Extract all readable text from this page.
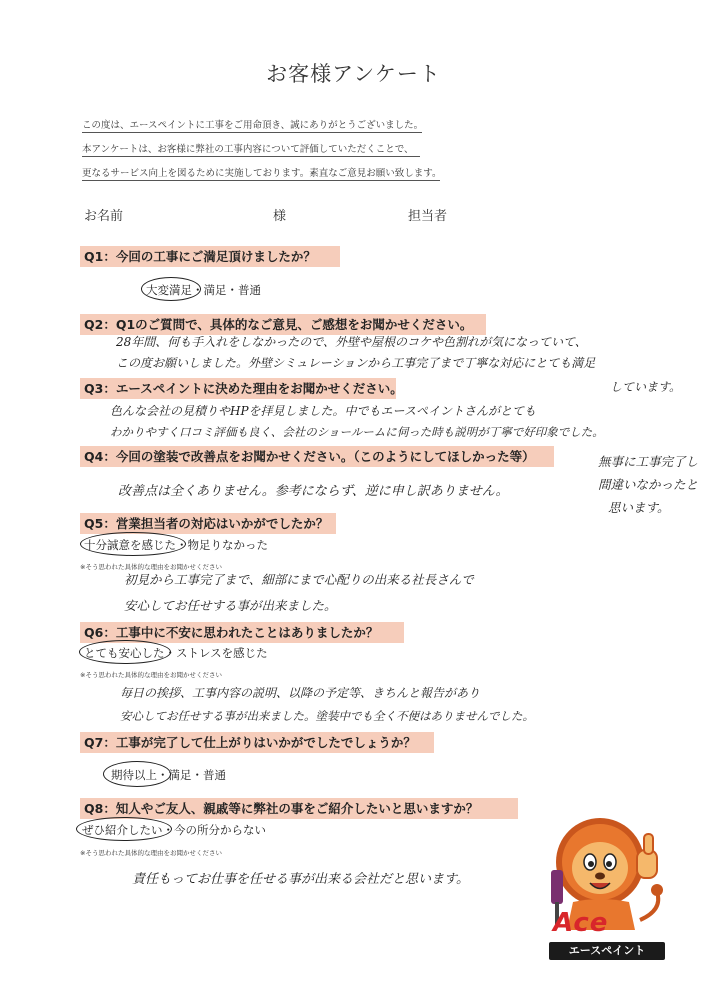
お客様アンケート
この度は、エースペイントに工事をご用命頂き、誠にありがとうございました。
本アンケートは、お客様に弊社の工事内容について評価していただくことで、
更なるサービス向上を図るために実施しております。素直なご意見お願い致します。
お名前	様	担当者
Q1：今回の工事にご満足頂けましたか？
大変満足・満足・普通
Q2：Q1のご質問で、具体的なご意見、ご感想をお聞かせください。
28年間、何も手入れをしなかったので、外壁や屋根のコケや色割れが気になっていて、
この度お願いしました。外壁シミュレーションから工事完了まで丁寧な対応にとても満足
しています。
Q3：エースペイントに決めた理由をお聞かせください。
色んな会社の見積りやHPを拝見しました。中でもエースペイントさんがとても
わかりやすく口コミ評価も良く、会社のショールームに伺った時も説明が丁寧で好印象でした。
Q4：今回の塗装で改善点をお聞かせください。（このようにしてほしかった等）
改善点は全くありません。参考にならず、逆に申し訳ありません。
無事に工事完了し
間違いなかったと
思います。
Q5：営業担当者の対応はいかがでしたか？
十分誠意を感じた・物足りなかった
※そう思われた具体的な理由をお聞かせください
初見から工事完了まで、細部にまで心配りの出来る社長さんで
安心してお任せする事が出来ました。
Q6：工事中に不安に思われたことはありましたか？
とても安心した・ストレスを感じた
※そう思われた具体的な理由をお聞かせください
毎日の挨拶、工事内容の説明、以降の予定等、きちんと報告があり
安心してお任せする事が出来ました。塗装中でも全く不便はありませんでした。
Q7：工事が完了して仕上がりはいかがでしたでしょうか？
期待以上・満足・普通
Q8：知人やご友人、親戚等に弊社の事をご紹介したいと思いますか？
ぜひ紹介したい・今の所分からない
※そう思われた具体的な理由をお聞かせください
責任もってお仕事を任せる事が出来る会社だと思います。
Ace
エースペイント
